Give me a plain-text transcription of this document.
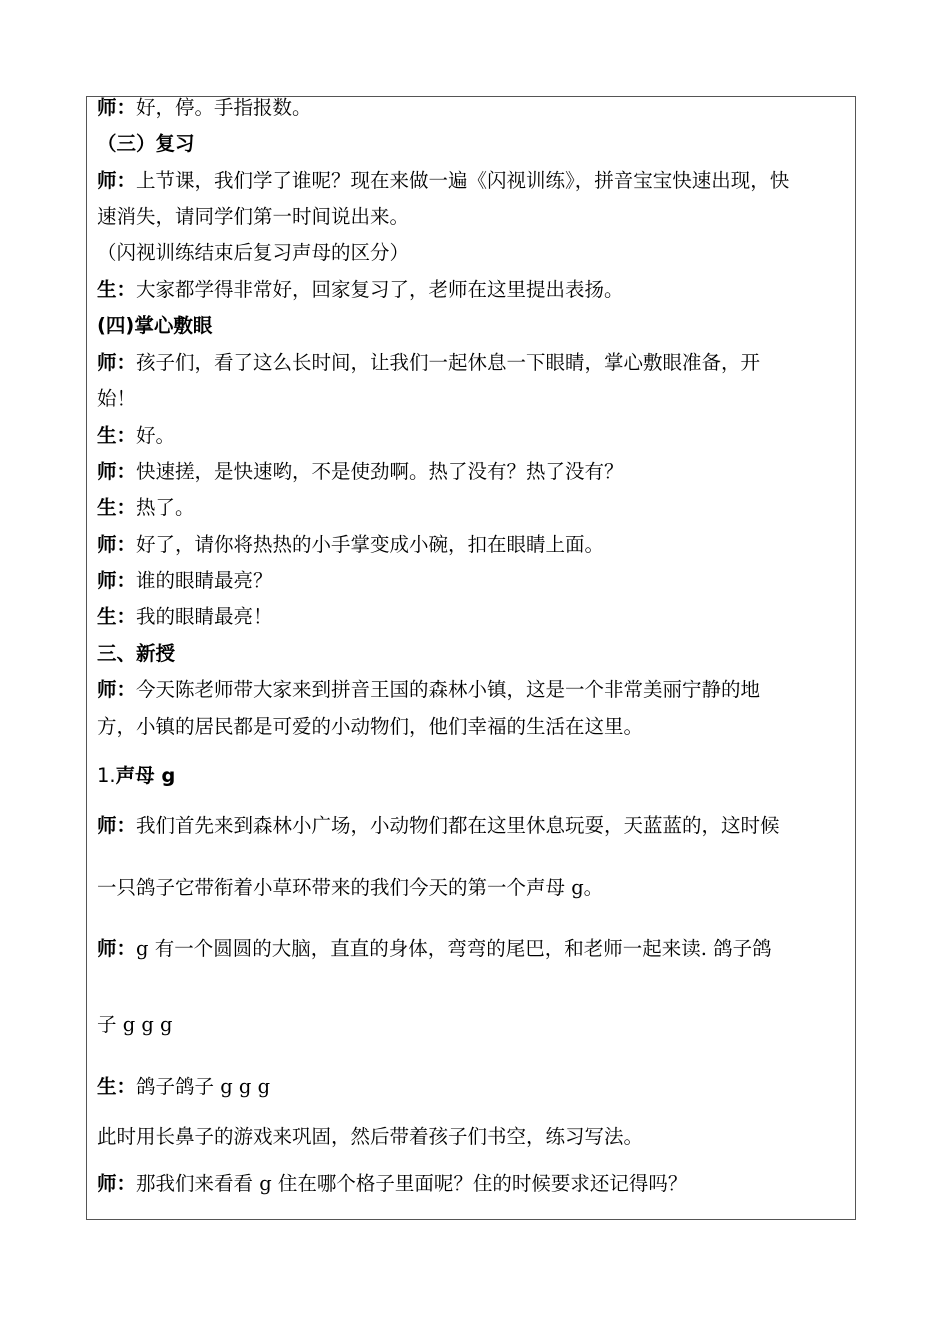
师：好，停。手指报数。
（三）复习
师：上节课，我们学了谁呢？现在来做一遍《闪视训练》，拼音宝宝快速出现，快
速消失，请同学们第一时间说出来。
（闪视训练结束后复习声母的区分）
生：大家都学得非常好，回家复习了，老师在这里提出表扬。
(四)掌心敷眼
师：孩子们，看了这么长时间，让我们一起休息一下眼睛，掌心敷眼准备，开
始！
生：好。
师：快速搓，是快速哟，不是使劲啊。热了没有？热了没有？
生：热了。
师：好了，请你将热热的小手掌变成小碗，扣在眼睛上面。
师：谁的眼睛最亮？
生：我的眼睛最亮！
三、新授
师：今天陈老师带大家来到拼音王国的森林小镇，这是一个非常美丽宁静的地
方，小镇的居民都是可爱的小动物们，他们幸福的生活在这里。
1.声母 g
师：我们首先来到森林小广场，小动物们都在这里休息玩耍，天蓝蓝的，这时候
一只鸽子它带衔着小草环带来的我们今天的第一个声母 g。
师：g 有一个圆圆的大脑，直直的身体，弯弯的尾巴，和老师一起来读. 鸽子鸽
子 g g g
生：鸽子鸽子 g g g
此时用长鼻子的游戏来巩固，然后带着孩子们书空，练习写法。
师：那我们来看看 g 住在哪个格子里面呢？住的时候要求还记得吗？
